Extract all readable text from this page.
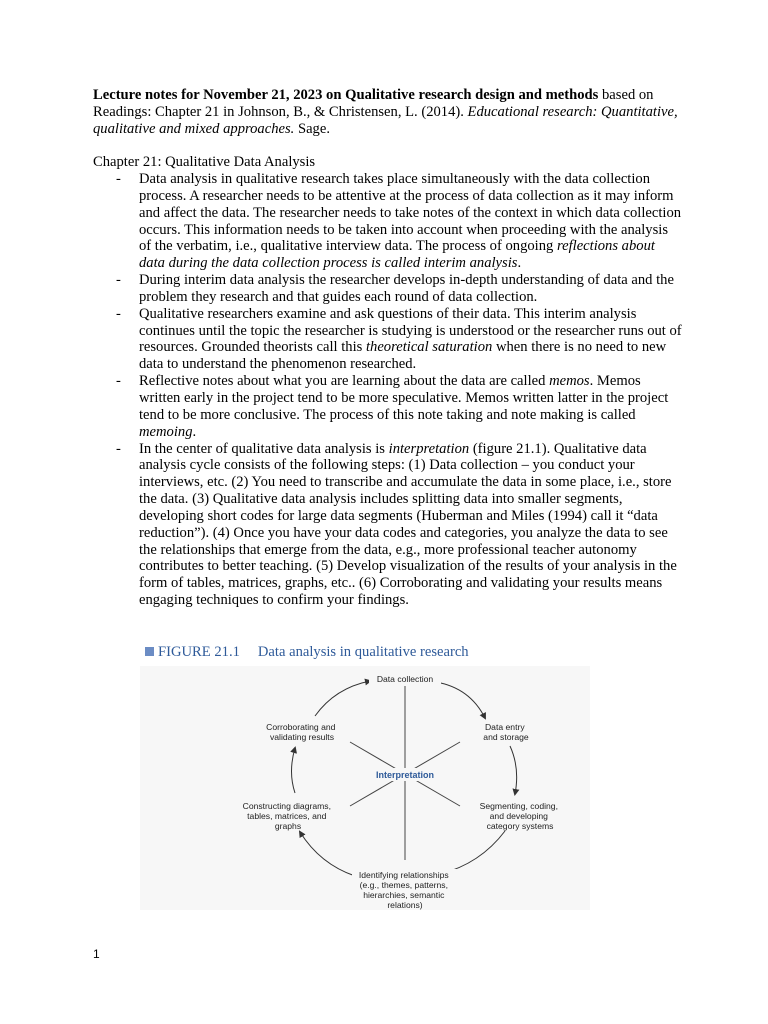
Lecture notes for November 21, 2023 on Qualitative research design and methods based on Readings: Chapter 21 in Johnson, B., & Christensen, L. (2014). Educational research: Quantitative, qualitative and mixed approaches. Sage.
Chapter 21: Qualitative Data Analysis
- Data analysis in qualitative research takes place simultaneously with the data collection process. A researcher needs to be attentive at the process of data collection as it may inform and affect the data. The researcher needs to take notes of the context in which data collection occurs. This information needs to be taken into account when proceeding with the analysis of the verbatim, i.e., qualitative interview data. The process of ongoing reflections about data during the data collection process is called interim analysis.
- During interim data analysis the researcher develops in-depth understanding of data and the problem they research and that guides each round of data collection.
- Qualitative researchers examine and ask questions of their data. This interim analysis continues until the topic the researcher is studying is understood or the researcher runs out of resources. Grounded theorists call this theoretical saturation when there is no need to new data to understand the phenomenon researched.
- Reflective notes about what you are learning about the data are called memos. Memos written early in the project tend to be more speculative. Memos written latter in the project tend to be more conclusive. The process of this note taking and note making is called memoing.
- In the center of qualitative data analysis is interpretation (figure 21.1). Qualitative data analysis cycle consists of the following steps: (1) Data collection – you conduct your interviews, etc. (2) You need to transcribe and accumulate the data in some place, i.e., store the data. (3) Qualitative data analysis includes splitting data into smaller segments, developing short codes for large data segments (Huberman and Miles (1994) call it “data reduction”). (4) Once you have your data codes and categories, you analyze the data to see the relationships that emerge from the data, e.g., more professional teacher autonomy contributes to better teaching. (5) Develop visualization of the results of your analysis in the form of tables, matrices, graphs, etc.. (6) Corroborating and validating your results means engaging techniques to confirm your findings.
FIGURE 21.1 Data analysis in qualitative research
Data collection
Data entry and storage
Segmenting, coding, and developing category systems
Identifying relationships (e.g., themes, patterns, hierarchies, semantic relations)
Constructing diagrams, tables, matrices, and graphs
Corroborating and validating results
Interpretation
1
